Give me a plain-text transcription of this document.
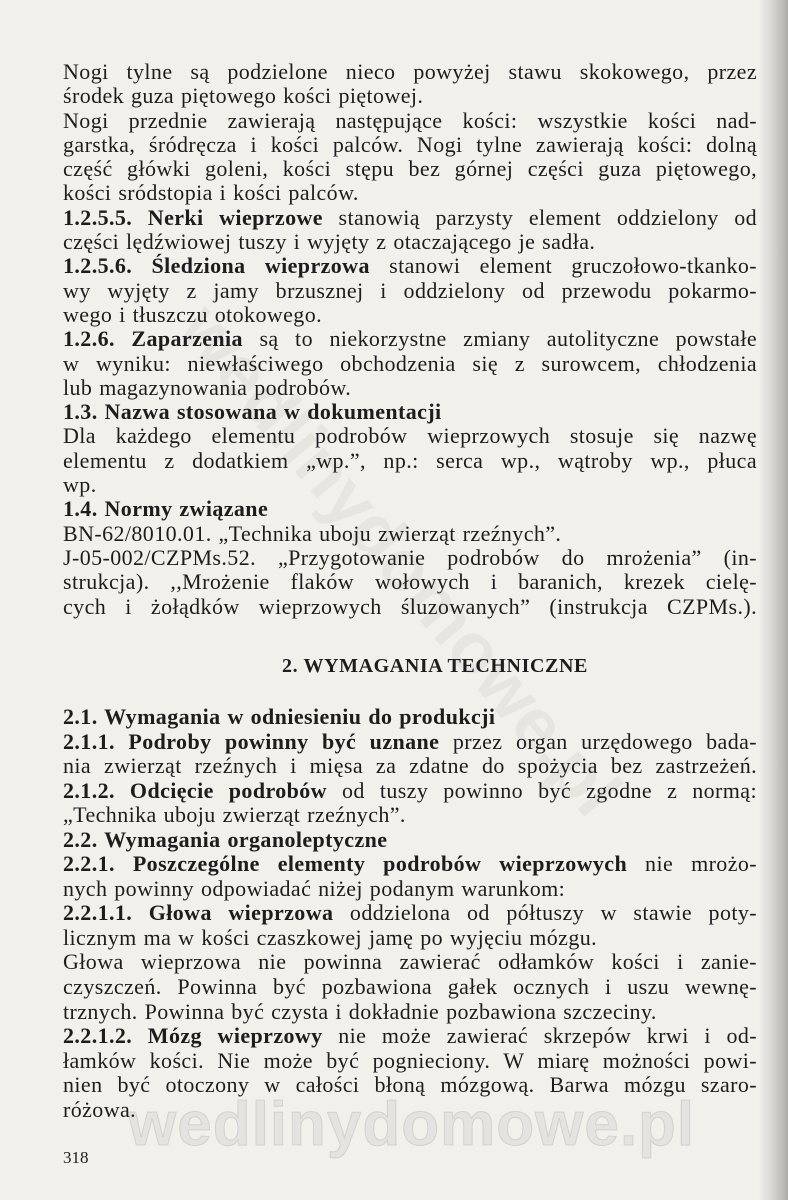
wedlinydomowe.pl
Nogi tylne są podzielone nieco powyżej stawu skokowego, przez
środek guza piętowego kości piętowej.
Nogi przednie zawierają następujące kości: wszystkie kości nad-
garstka, śródręcza i kości palców. Nogi tylne zawierają kości: dolną
część główki goleni, kości stępu bez górnej części guza piętowego,
kości sródstopia i kości palców.
1.2.5.5. Nerki wieprzowe stanowią parzysty element oddzielony od
części lędźwiowej tuszy i wyjęty z otaczającego je sadła.
1.2.5.6. Śledziona wieprzowa stanowi element gruczołowo-tkanko-
wy wyjęty z jamy brzusznej i oddzielony od przewodu pokarmo-
wego i tłuszczu otokowego.
1.2.6. Zaparzenia są to niekorzystne zmiany autolityczne powstałe
w wyniku: niewłaściwego obchodzenia się z surowcem, chłodzenia
lub magazynowania podrobów.
1.3. Nazwa stosowana w dokumentacji
Dla każdego elementu podrobów wieprzowych stosuje się nazwę
elementu z dodatkiem „wp.”, np.: serca wp., wątroby wp., płuca
wp.
1.4. Normy związane
BN-62/8010.01. „Technika uboju zwierząt rzeźnych”.
J-05-002/CZPMs.52. „Przygotowanie podrobów do mrożenia” (in-
strukcja). ,,Mrożenie flaków wołowych i baranich, krezek cielę-
cych i żołądków wieprzowych śluzowanych” (instrukcja CZPMs.).
2. WYMAGANIA TECHNICZNE
2.1. Wymagania w odniesieniu do produkcji
2.1.1. Podroby powinny być uznane przez organ urzędowego bada-
nia zwierząt rzeźnych i mięsa za zdatne do spożycia bez zastrzeżeń.
2.1.2. Odcięcie podrobów od tuszy powinno być zgodne z normą:
„Technika uboju zwierząt rzeźnych”.
2.2. Wymagania organoleptyczne
2.2.1. Poszczególne elementy podrobów wieprzowych nie mrożo-
nych powinny odpowiadać niżej podanym warunkom:
2.2.1.1. Głowa wieprzowa oddzielona od półtuszy w stawie poty-
licznym ma w kości czaszkowej jamę po wyjęciu mózgu.
Głowa wieprzowa nie powinna zawierać odłamków kości i zanie-
czyszczeń. Powinna być pozbawiona gałek ocznych i uszu wewnę-
trznych. Powinna być czysta i dokładnie pozbawiona szczeciny.
2.2.1.2. Mózg wieprzowy nie może zawierać skrzepów krwi i od-
łamków kości. Nie może być pognieciony. W miarę możności powi-
nien być otoczony w całości błoną mózgową. Barwa mózgu szaro-
różowa.
318
